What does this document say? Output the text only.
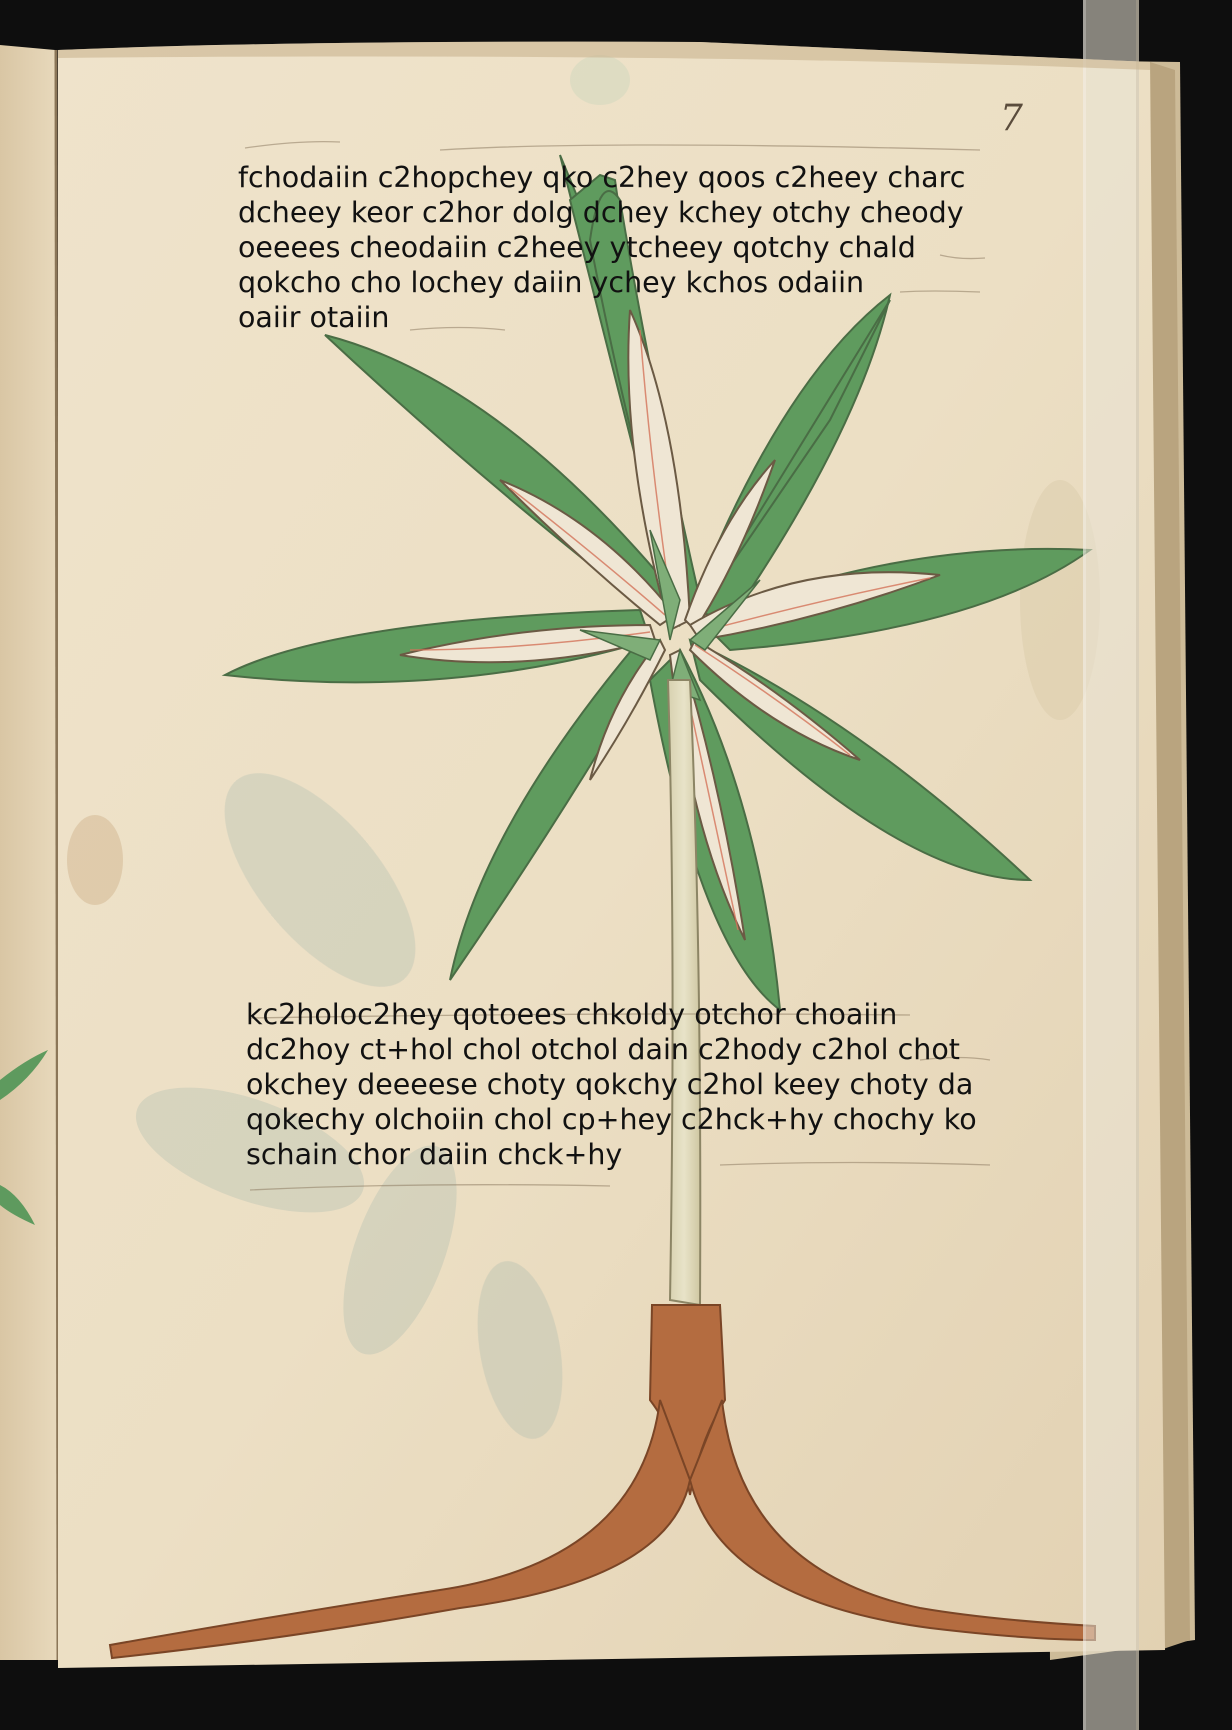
7
fchodaiin c2hopchey qko c2hey qoos c2heey charc
dcheey keor c2hor dolg dchey kchey otchy cheody
oeeees cheodaiin c2heey ytcheey qotchy chald
qokcho cho lochey daiin ychey kchos odaiin
oaiir otaiin
kc2holoc2hey qotoees chkoldy otchor choaiin
dc2hoy ct+hol chol otchol dain c2hody c2hol chot
okchey deeeese choty qokchy c2hol keey choty da
qokechy olchoiin chol cp+hey c2hck+hy chochy ko
schain chor daiin chck+hy
